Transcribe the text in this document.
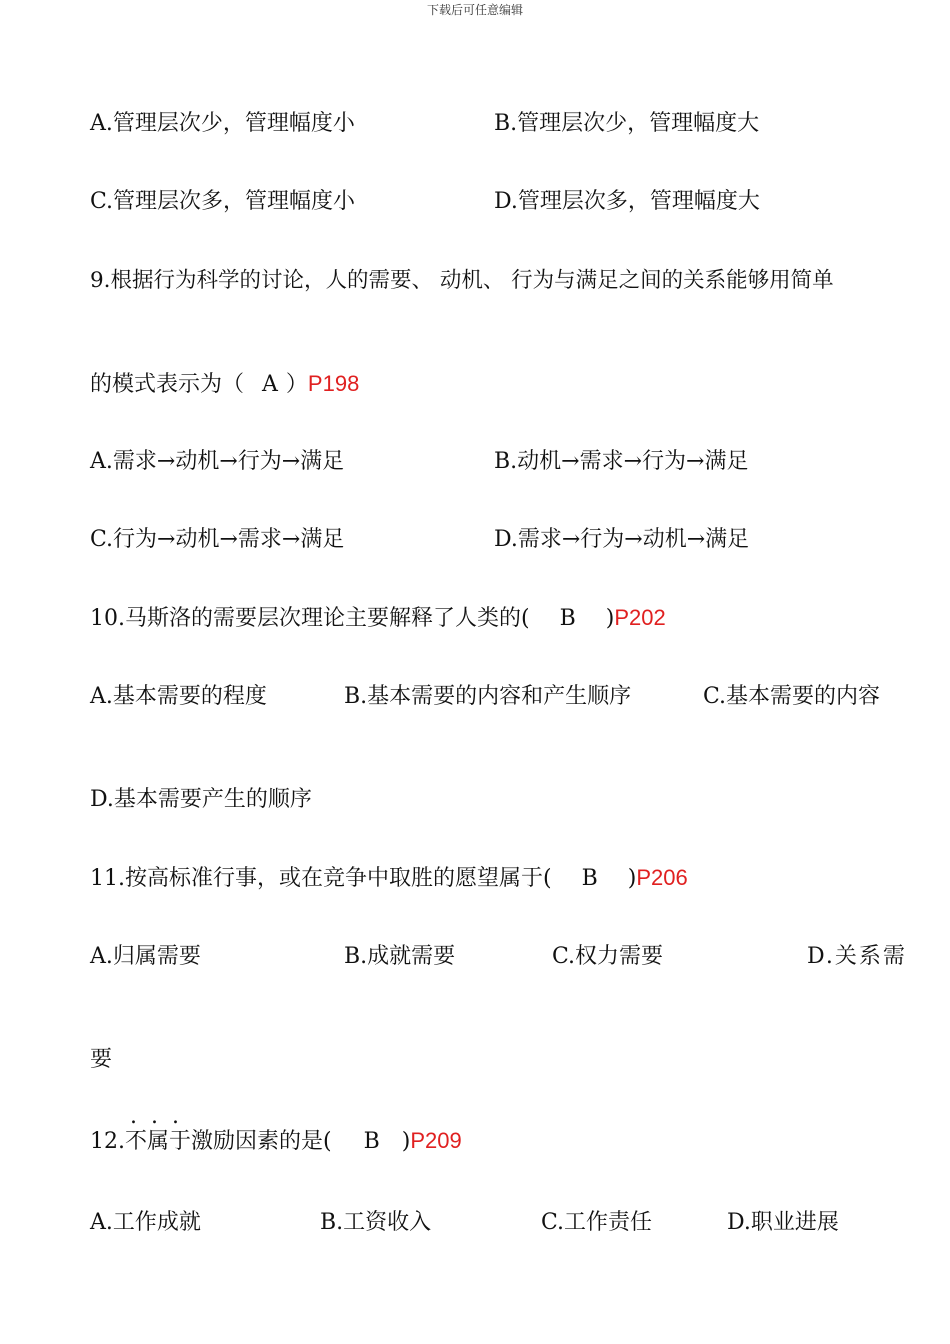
下载后可任意编辑
A.管理层次少，管理幅度小	B.管理层次少，管理幅度大
C.管理层次多，管理幅度小	D.管理层次多，管理幅度大
9.根据行为科学的讨论，人的需要、 动机、 行为与满足之间的关系能够用简单
的模式表示为（ A ）P198
A.需求→动机→行为→满足	B.动机→需求→行为→满足
C.行为→动机→需求→满足	D.需求→行为→动机→满足
10.马斯洛的需要层次理论主要解释了人类的( B )P202
A.基本需要的程度	B.基本需要的内容和产生顺序	C.基本需要的内容
D.基本需要产生的顺序
11.按高标准行事，或在竞争中取胜的愿望属于( B )P206
A.归属需要	B.成就需要	C.权力需要	D.关系需
要
...
12.不属于激励因素的是( B )P209
A.工作成就	B.工资收入	C.工作责任	D.职业进展
